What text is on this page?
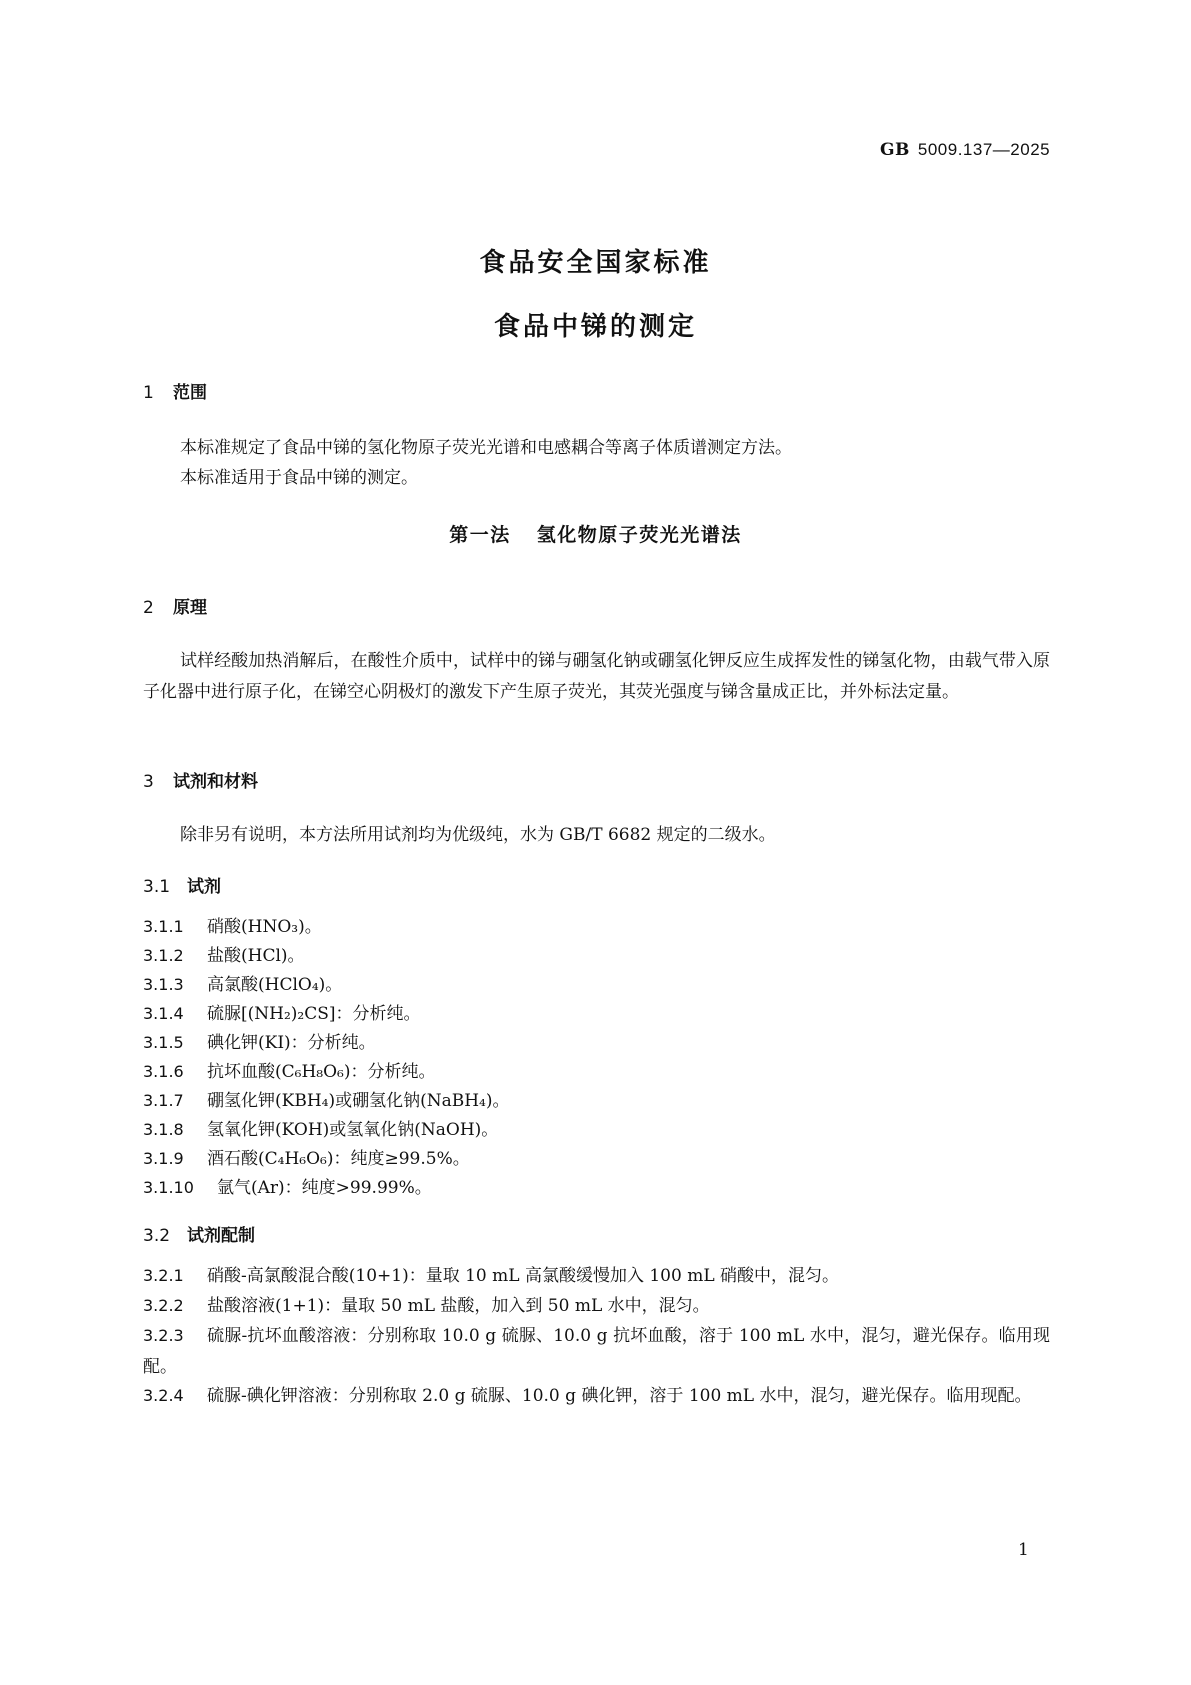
GB 5009.137—2025
食品安全国家标准
食品中锑的测定
1 范围
本标准规定了食品中锑的氢化物原子荧光光谱和电感耦合等离子体质谱测定方法。
本标准适用于食品中锑的测定。
第一法 氢化物原子荧光光谱法
2 原理
试样经酸加热消解后，在酸性介质中，试样中的锑与硼氢化钠或硼氢化钾反应生成挥发性的锑氢化物，由载气带入原子化器中进行原子化，在锑空心阴极灯的激发下产生原子荧光，其荧光强度与锑含量成正比，并外标法定量。
3 试剂和材料
除非另有说明，本方法所用试剂均为优级纯，水为 GB/T 6682 规定的二级水。
3.1 试剂
3.1.1 硝酸(HNO₃)。
3.1.2 盐酸(HCl)。
3.1.3 高氯酸(HClO₄)。
3.1.4 硫脲[(NH₂)₂CS]：分析纯。
3.1.5 碘化钾(KI)：分析纯。
3.1.6 抗坏血酸(C₆H₈O₆)：分析纯。
3.1.7 硼氢化钾(KBH₄)或硼氢化钠(NaBH₄)。
3.1.8 氢氧化钾(KOH)或氢氧化钠(NaOH)。
3.1.9 酒石酸(C₄H₆O₆)：纯度≥99.5%。
3.1.10 氩气(Ar)：纯度>99.99%。
3.2 试剂配制
3.2.1 硝酸-高氯酸混合酸(10+1)：量取 10 mL 高氯酸缓慢加入 100 mL 硝酸中，混匀。
3.2.2 盐酸溶液(1+1)：量取 50 mL 盐酸，加入到 50 mL 水中，混匀。
3.2.3 硫脲-抗坏血酸溶液：分别称取 10.0 g 硫脲、10.0 g 抗坏血酸，溶于 100 mL 水中，混匀，避光保存。临用现配。
3.2.4 硫脲-碘化钾溶液：分别称取 2.0 g 硫脲、10.0 g 碘化钾，溶于 100 mL 水中，混匀，避光保存。临用现配。
1
